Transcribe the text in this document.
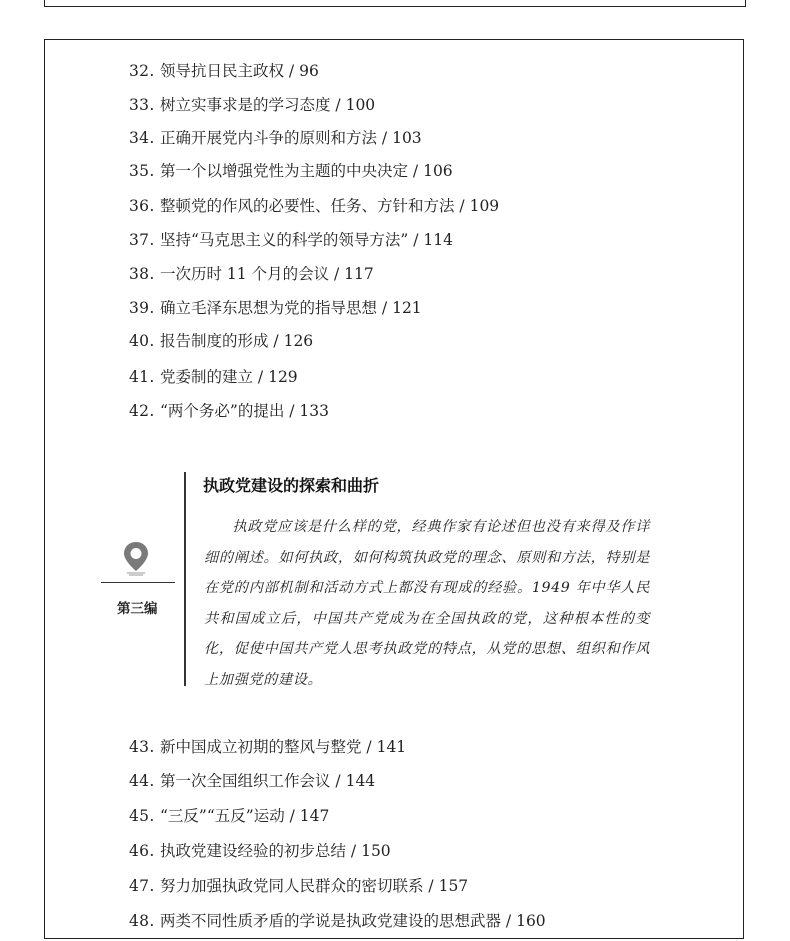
32. 领导抗日民主政权 / 96
33. 树立实事求是的学习态度 / 100
34. 正确开展党内斗争的原则和方法 / 103
35. 第一个以增强党性为主题的中央决定 / 106
36. 整顿党的作风的必要性、任务、方针和方法 / 109
37. 坚持“马克思主义的科学的领导方法” / 114
38. 一次历时 11 个月的会议 / 117
39. 确立毛泽东思想为党的指导思想 / 121
40. 报告制度的形成 / 126
41. 党委制的建立 / 129
42. “两个务必”的提出 / 133
第三编
执政党建设的探索和曲折
执政党应该是什么样的党，经典作家有论述但也没有来得及作详细的阐述。如何执政，如何构筑执政党的理念、原则和方法，特别是在党的内部机制和活动方式上都没有现成的经验。1949 年中华人民共和国成立后，中国共产党成为在全国执政的党，这种根本性的变化，促使中国共产党人思考执政党的特点，从党的思想、组织和作风上加强党的建设。
43. 新中国成立初期的整风与整党 / 141
44. 第一次全国组织工作会议 / 144
45. “三反”“五反”运动 / 147
46. 执政党建设经验的初步总结 / 150
47. 努力加强执政党同人民群众的密切联系 / 157
48. 两类不同性质矛盾的学说是执政党建设的思想武器 / 160
